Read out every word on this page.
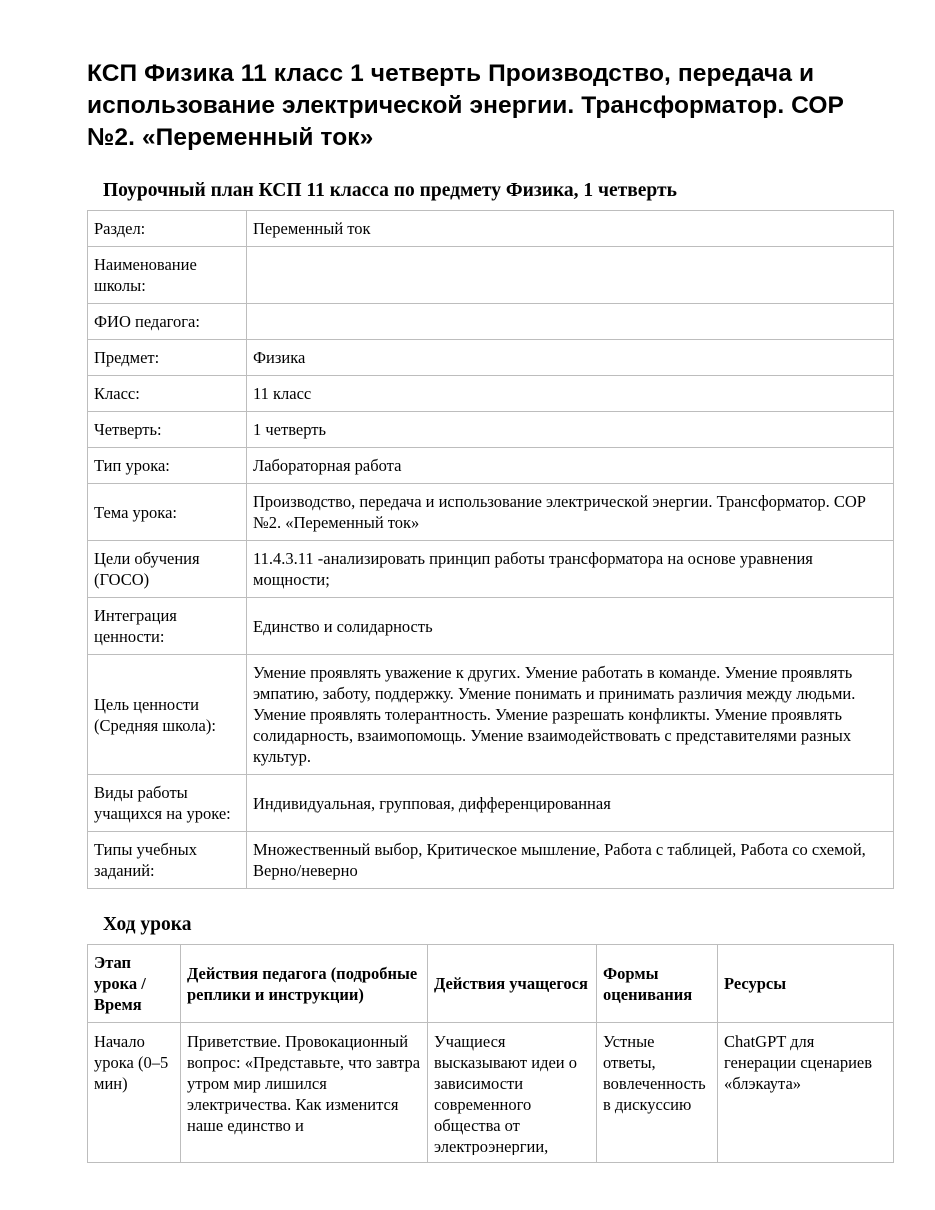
КСП Физика 11 класс 1 четверть Производство, передача и использование электрической энергии. Трансформатор. СОР №2. «Переменный ток»
Поурочный план КСП 11 класса по предмету Физика, 1 четверть
Раздел:	Переменный ток
Наименование школы:	
ФИО педагога:	
Предмет:	Физика
Класс:	11 класс
Четверть:	1 четверть
Тип урока:	Лабораторная работа
Тема урока:	Производство, передача и использование электрической энергии. Трансформатор. СОР №2. «Переменный ток»
Цели обучения (ГОСО)	11.4.3.11 -анализировать принцип работы трансформатора на основе уравнения мощности;
Интеграция ценности:	Единство и солидарность
Цель ценности (Средняя школа):	Умение проявлять уважение к других. Умение работать в команде. Умение проявлять эмпатию, заботу, поддержку. Умение понимать и принимать различия между людьми. Умение проявлять толерантность. Умение разрешать конфликты. Умение проявлять солидарность, взаимопомощь. Умение взаимодействовать с представителями разных культур.
Виды работы учащихся на уроке:	Индивидуальная, групповая, дифференцированная
Типы учебных заданий:	Множественный выбор, Критическое мышление, Работа с таблицей, Работа со схемой, Верно/неверно
Ход урока
Этап урока / Время	Действия педагога (подробные реплики и инструкции)	Действия учащегося	Формы оценивания	Ресурсы

Начало урока (0–5 мин)	Приветствие. Провокационный вопрос: «Представьте, что завтра утром мир лишился электричества. Как изменится наше единство и	Учащиеся высказывают идеи о зависимости современного общества от электроэнергии,	Устные ответы, вовлеченность в дискуссию	ChatGPT для генерации сценариев «блэкаута»
